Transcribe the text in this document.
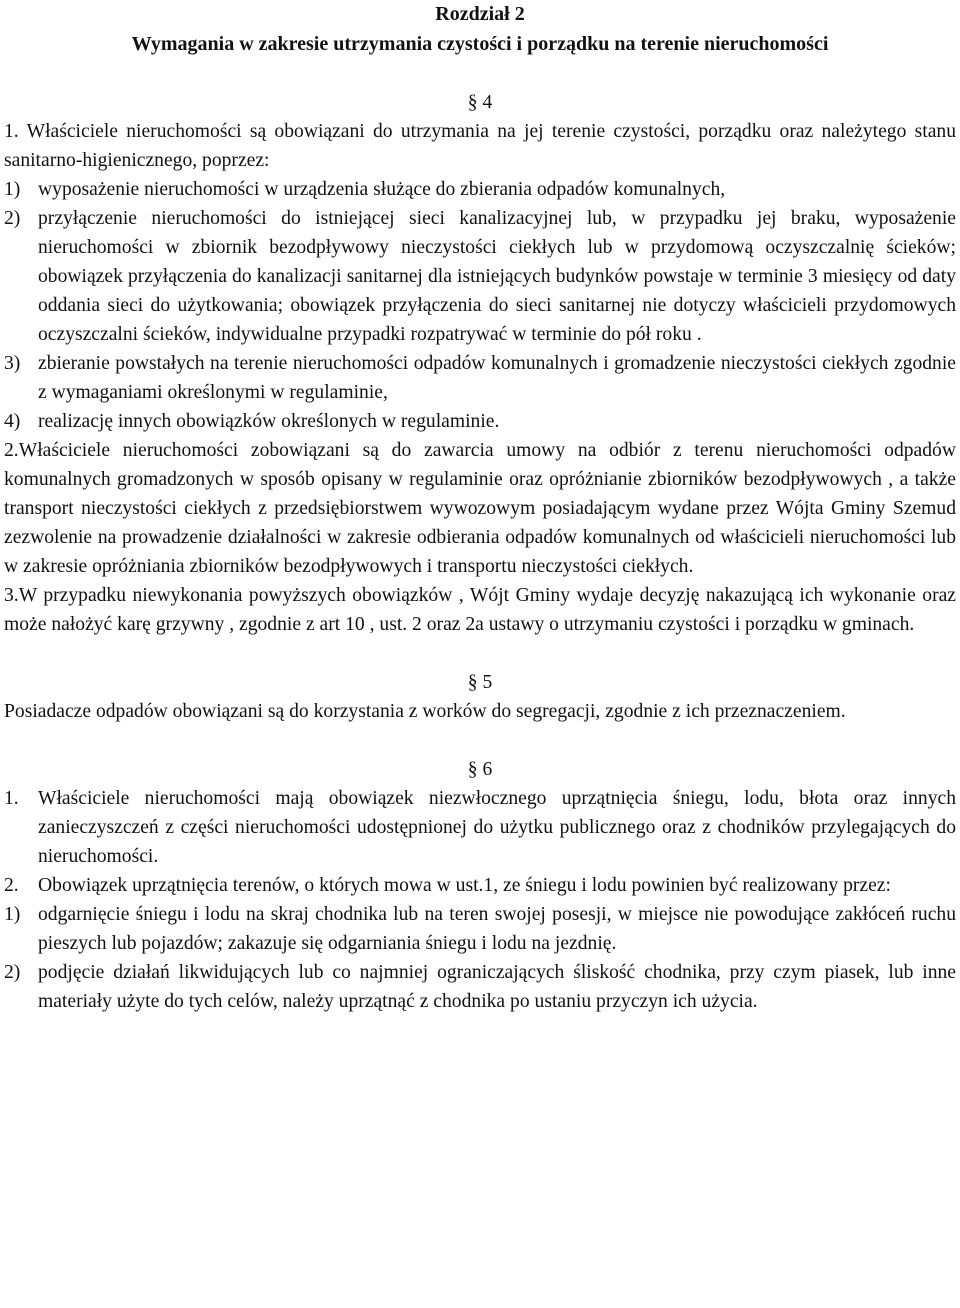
Rozdział 2
Wymagania w zakresie utrzymania czystości i porządku na terenie nieruchomości
§ 4

1. Właściciele nieruchomości są obowiązani do utrzymania na jej terenie czystości, porządku oraz należytego stanu sanitarno-higienicznego, poprzez:

1) wyposażenie nieruchomości w urządzenia służące do zbierania odpadów komunalnych,
2) przyłączenie nieruchomości do istniejącej sieci kanalizacyjnej lub, w przypadku jej braku, wyposażenie nieruchomości w zbiornik bezodpływowy nieczystości ciekłych lub w przydomową oczyszczalnię ścieków; obowiązek przyłączenia do kanalizacji sanitarnej dla istniejących budynków powstaje w terminie 3 miesięcy od daty oddania sieci do użytkowania; obowiązek przyłączenia do sieci sanitarnej nie dotyczy właścicieli przydomowych oczyszczalni ścieków, indywidualne przypadki rozpatrywać w terminie do pół roku .
3) zbieranie powstałych na terenie nieruchomości odpadów komunalnych i gromadzenie nieczystości ciekłych zgodnie z wymaganiami określonymi w regulaminie,
4) realizację innych obowiązków określonych w regulaminie.

2.Właściciele nieruchomości zobowiązani są do zawarcia umowy na odbiór z terenu nieruchomości odpadów komunalnych gromadzonych w sposób opisany w regulaminie oraz opróżnianie zbiorników bezodpływowych , a także transport nieczystości ciekłych z przedsiębiorstwem wywozowym posiadającym wydane przez Wójta Gminy Szemud zezwolenie na prowadzenie działalności w zakresie odbierania odpadów komunalnych od właścicieli nieruchomości lub w zakresie opróżniania zbiorników bezodpływowych i transportu nieczystości ciekłych.

3.W przypadku niewykonania powyższych obowiązków , Wójt Gminy wydaje decyzję nakazującą ich wykonanie oraz może nałożyć karę grzywny , zgodnie z art 10 , ust. 2 oraz 2a ustawy o utrzymaniu czystości i porządku w gminach.

§ 5

Posiadacze odpadów obowiązani są do korzystania z worków do segregacji, zgodnie z ich przeznaczeniem.

§ 6
1. Właściciele nieruchomości mają obowiązek niezwłocznego uprzątnięcia śniegu, lodu, błota oraz innych zanieczyszczeń z części nieruchomości udostępnionej do użytku publicznego oraz z chodników przylegających do nieruchomości.
2. Obowiązek uprzątnięcia terenów, o których mowa w ust.1, ze śniegu i lodu powinien być realizowany przez:
1) odgarnięcie śniegu i lodu na skraj chodnika lub na teren swojej posesji, w miejsce nie powodujące zakłóceń ruchu pieszych lub pojazdów; zakazuje się odgarniania śniegu i lodu na jezdnię.
2) podjęcie działań likwidujących lub co najmniej ograniczających śliskość chodnika, przy czym piasek, lub inne materiały użyte do tych celów, należy uprzątnąć z chodnika po ustaniu przyczyn ich użycia.
